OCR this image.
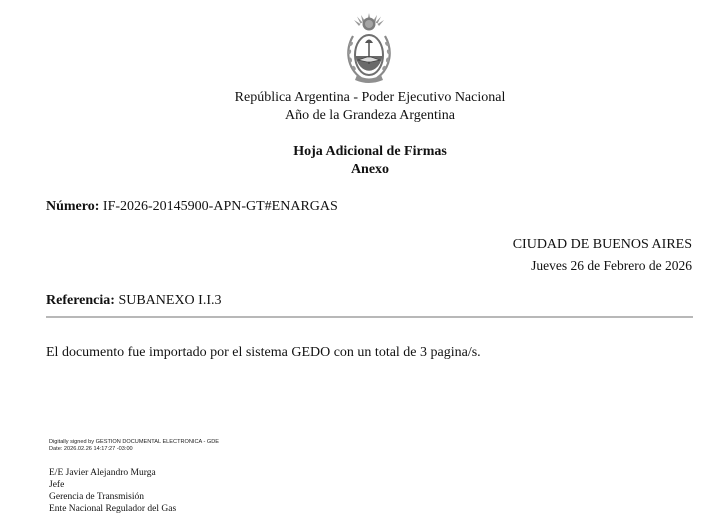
República Argentina - Poder Ejecutivo Nacional
Año de la Grandeza Argentina
Hoja Adicional de Firmas
Anexo
Número: IF-2026-20145900-APN-GT#ENARGAS
CIUDAD DE BUENOS AIRES
Jueves 26 de Febrero de 2026
Referencia: SUBANEXO I.I.3
El documento fue importado por el sistema GEDO con un total de 3 pagina/s.
Digitally signed by GESTION DOCUMENTAL ELECTRONICA - GDE
Date: 2026.02.26 14:17:27 -03:00
E/E Javier Alejandro Murga
Jefe
Gerencia de Transmisión
Ente Nacional Regulador del Gas
